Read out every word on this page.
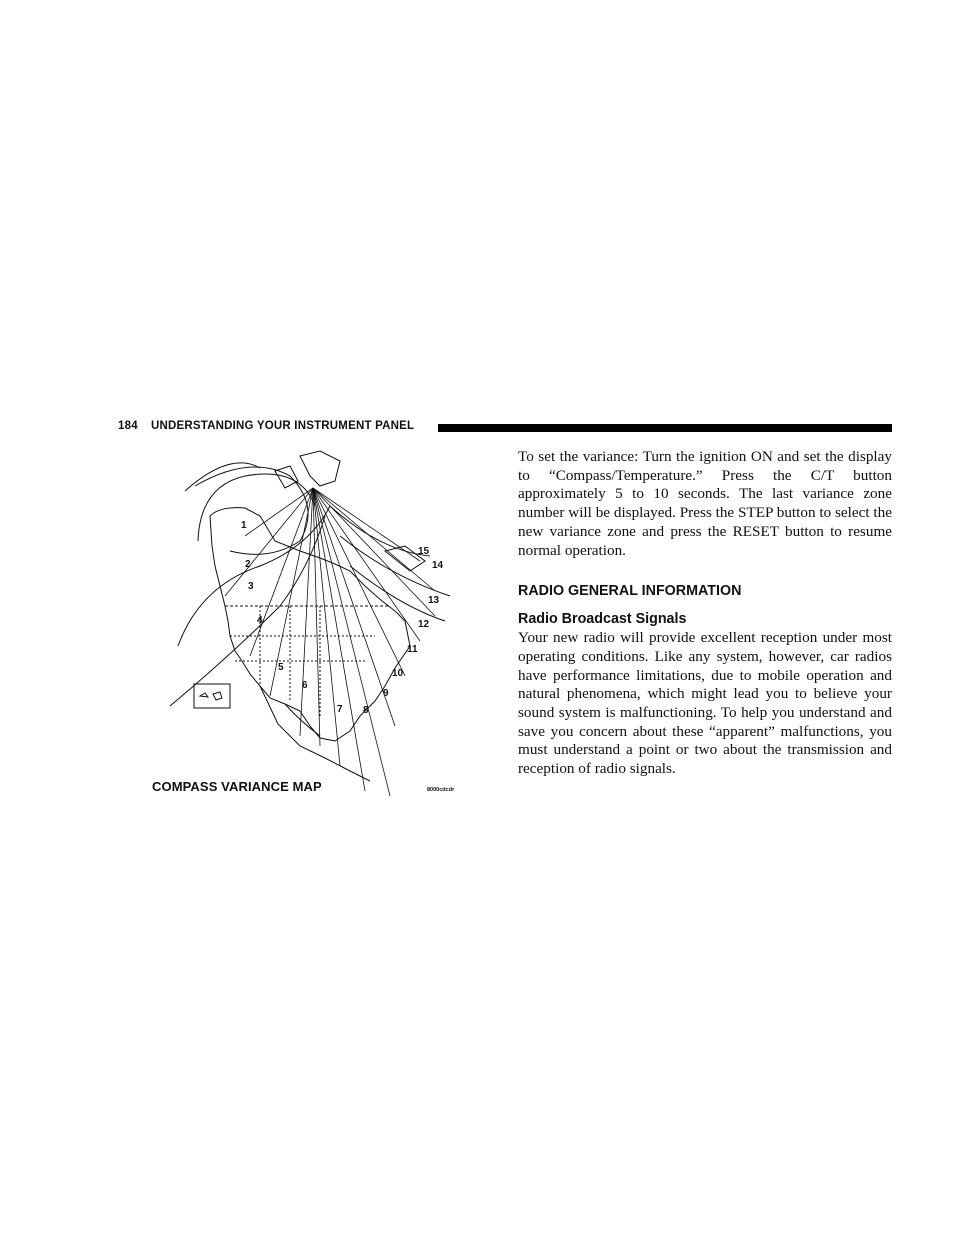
184 UNDERSTANDING YOUR INSTRUMENT PANEL
1
2
3
4
5
6
7 8
9
10
11
12
13
14
15
COMPASS VARIANCE MAP	8000cdcdr

To set the variance: Turn the ignition ON and set the display to “Compass/Temperature.” Press the C/T button approximately 5 to 10 seconds. The last variance zone number will be displayed. Press the STEP button to select the new variance zone and press the RESET button to resume normal operation.

RADIO GENERAL INFORMATION
Radio Broadcast Signals

Your new radio will provide excellent reception under most operating conditions. Like any system, however, car radios have performance limitations, due to mobile operation and natural phenomena, which might lead you to believe your sound system is malfunctioning. To help you understand and save you concern about these “apparent” malfunctions, you must understand a point or two about the transmission and reception of radio signals.
